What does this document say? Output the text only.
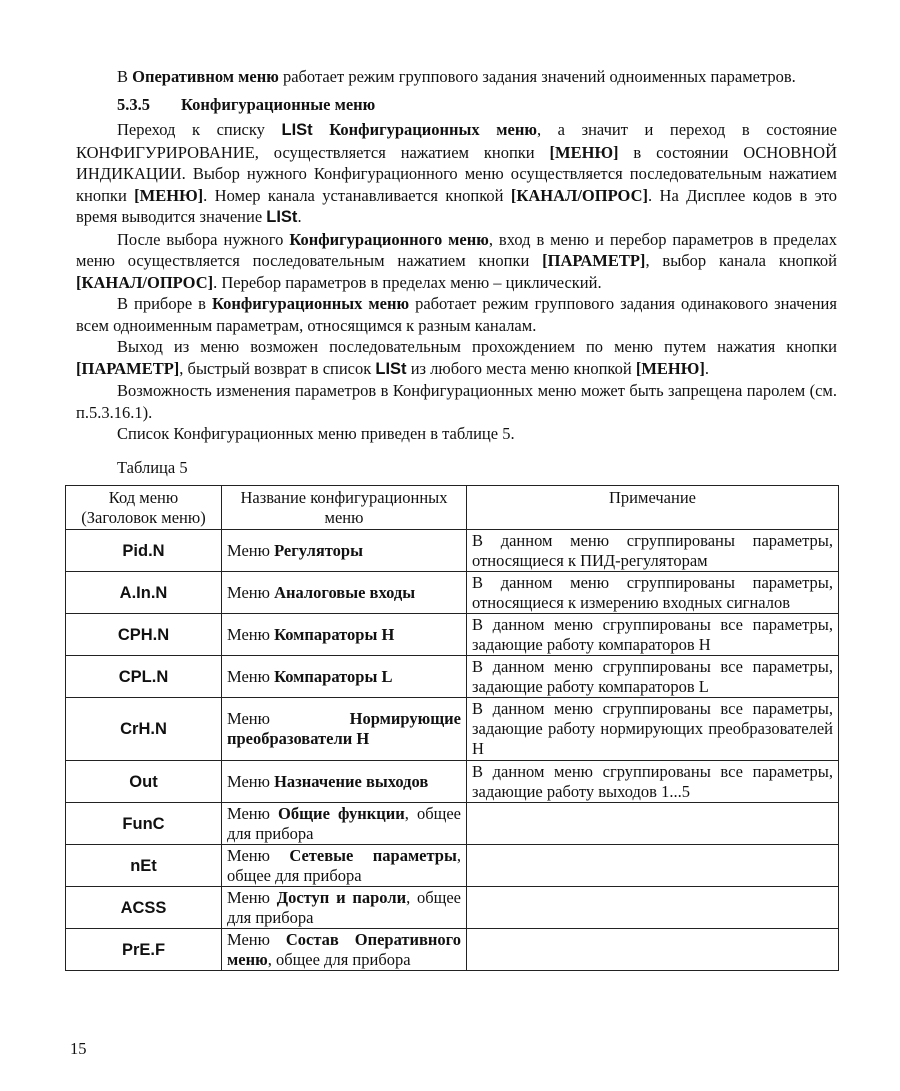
В Оперативном меню работает режим группового задания значений одноименных параметров.

5.3.5 Конфигурационные меню

Переход к списку LISt Конфигурационных меню, а значит и переход в состояние КОНФИГУРИРОВАНИЕ, осуществляется нажатием кнопки [МЕНЮ] в состоянии ОСНОВНОЙ ИНДИКАЦИИ. Выбор нужного Конфигурационного меню осуществляется последовательным нажатием кнопки [МЕНЮ]. Номер канала устанавливается кнопкой [КАНАЛ/ОПРОС]. На Дисплее кодов в это время выводится значение LISt.

После выбора нужного Конфигурационного меню, вход в меню и перебор параметров в пределах меню осуществляется последовательным нажатием кнопки [ПАРАМЕТР], выбор канала кнопкой [КАНАЛ/ОПРОС]. Перебор параметров в пределах меню – циклический.

В приборе в Конфигурационных меню работает режим группового задания одинакового значения всем одноименным параметрам, относящимся к разным каналам.

Выход из меню возможен последовательным прохождением по меню путем нажатия кнопки [ПАРАМЕТР], быстрый возврат в список LISt из любого места меню кнопкой [МЕНЮ].

Возможность изменения параметров в Конфигурационных меню может быть запрещена паролем (см. п.5.3.16.1).

Список Конфигурационных меню приведен в таблице 5.

Таблица 5

Код меню (Заголовок меню)	Название конфигурационных меню	Примечание
Pid.N	Меню Регуляторы	В данном меню сгруппированы параметры, относящиеся к ПИД-регуляторам
A.In.N	Меню Аналоговые входы	В данном меню сгруппированы параметры, относящиеся к измерению входных сигналов
CPH.N	Меню Компараторы H	В данном меню сгруппированы все параметры, задающие работу компараторов H
CPL.N	Меню Компараторы L	В данном меню сгруппированы все параметры, задающие работу компараторов L
CrH.N	Меню Нормирующие преобразователи H	В данном меню сгруппированы все параметры, задающие работу нормирующих преобразователей H
Out	Меню Назначение выходов	В данном меню сгруппированы все параметры, задающие работу выходов 1...5
FunC	Меню Общие функции, общее для прибора	
nEt	Меню Сетевые параметры, общее для прибора	
ACSS	Меню Доступ и пароли, общее для прибора	
PrE.F	Меню Состав Оперативного меню, общее для прибора	
15
